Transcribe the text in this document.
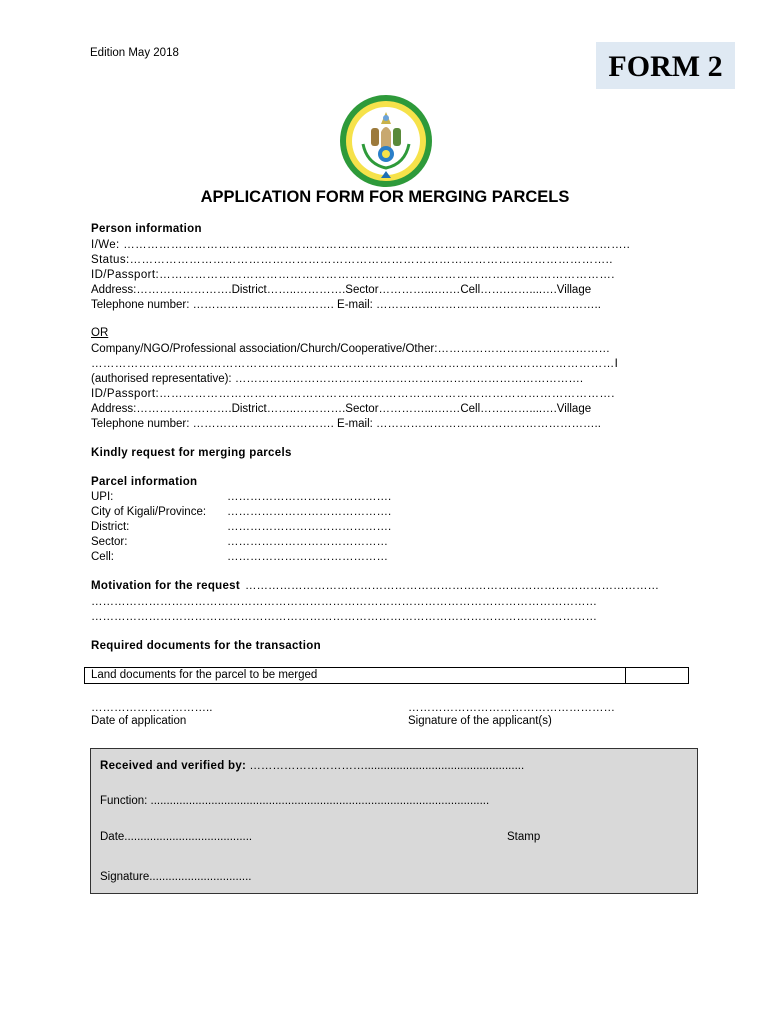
Edition May 2018	FORM 2
APPLICATION FORM FOR MERGING PARCELS
Person information
I/We: ………………………………………………………………………………………………………………..
Status:…………………………………………………………………………………………………………..
ID/Passport:…………………………………………………………………………………………………….
Address:…………………….District……..………….Sector…………...….…Cell…….……....….Village
Telephone number: ………………………………. E-mail: …………………………………………………..
OR
Company/NGO/Professional association/Church/Cooperative/Other:………………………………………
……………………………………………………………………………………………………………………I
(authorised representative): ……………………………………………………………………………….
ID/Passport:…………………………………………………………………………………………………….
Address:…………………….District……..………….Sector…………...….…Cell…….……....….Village
Telephone number: ………………………………. E-mail: …………………………………………………..
Kindly request for merging parcels
Parcel information
UPI:	…………………………………….
City of Kigali/Province: …………………………………….
District:	…………………………………….
Sector:	……………………………………
Cell:	……………………………………
Motivation for the request ………………………………………………………………………………………………
……………………………………………………………………………………………………………………
……………………………………………………………………………………………………………………
Required documents for the transaction
Land documents for the parcel to be merged
…………………………..
Date of application
………………………………………………
Signature of the applicant(s)
Received and verified by: …………………………..................................................
Function: ..........................................................................................................
Date........................................	Stamp
Signature................................
